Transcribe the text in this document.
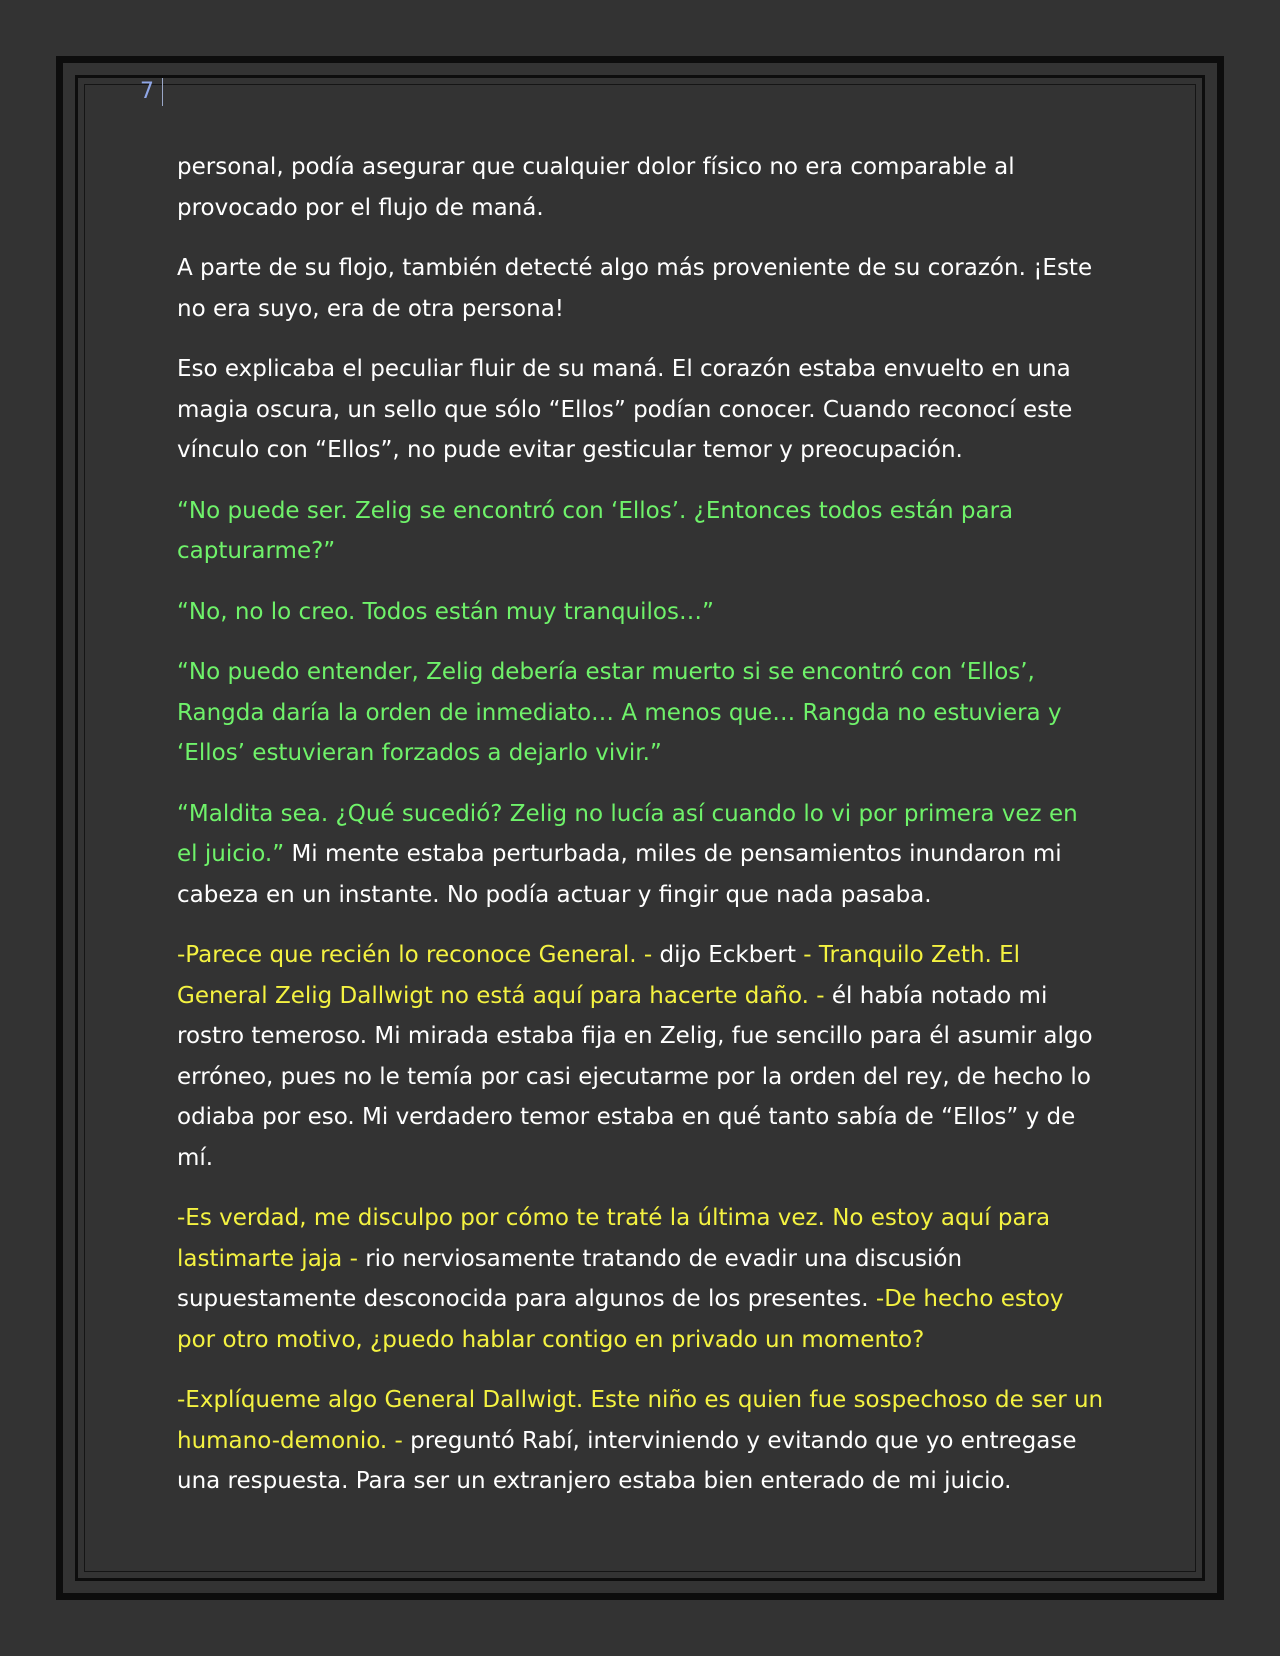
7

personal, podía asegurar que cualquier dolor físico no era comparable al provocado por el flujo de maná.

A parte de su flojo, también detecté algo más proveniente de su corazón. ¡Este no era suyo, era de otra persona!

Eso explicaba el peculiar fluir de su maná. El corazón estaba envuelto en una magia oscura, un sello que sólo “Ellos” podían conocer. Cuando reconocí este vínculo con “Ellos”, no pude evitar gesticular temor y preocupación.

“No puede ser. Zelig se encontró con ‘Ellos’. ¿Entonces todos están para capturarme?”

“No, no lo creo. Todos están muy tranquilos…”

“No puedo entender, Zelig debería estar muerto si se encontró con ‘Ellos’, Rangda daría la orden de inmediato… A menos que… Rangda no estuviera y ‘Ellos’ estuvieran forzados a dejarlo vivir.”

“Maldita sea. ¿Qué sucedió? Zelig no lucía así cuando lo vi por primera vez en el juicio.” Mi mente estaba perturbada, miles de pensamientos inundaron mi cabeza en un instante. No podía actuar y fingir que nada pasaba.

-Parece que recién lo reconoce General. - dijo Eckbert - Tranquilo Zeth. El General Zelig Dallwigt no está aquí para hacerte daño. - él había notado mi rostro temeroso. Mi mirada estaba fija en Zelig, fue sencillo para él asumir algo erróneo, pues no le temía por casi ejecutarme por la orden del rey, de hecho lo odiaba por eso. Mi verdadero temor estaba en qué tanto sabía de “Ellos” y de mí.

-Es verdad, me disculpo por cómo te traté la última vez. No estoy aquí para lastimarte jaja - rio nerviosamente tratando de evadir una discusión supuestamente desconocida para algunos de los presentes. -De hecho estoy por otro motivo, ¿puedo hablar contigo en privado un momento?

-Explíqueme algo General Dallwigt. Este niño es quien fue sospechoso de ser un humano-demonio. - preguntó Rabí, interviniendo y evitando que yo entregase una respuesta. Para ser un extranjero estaba bien enterado de mi juicio.
